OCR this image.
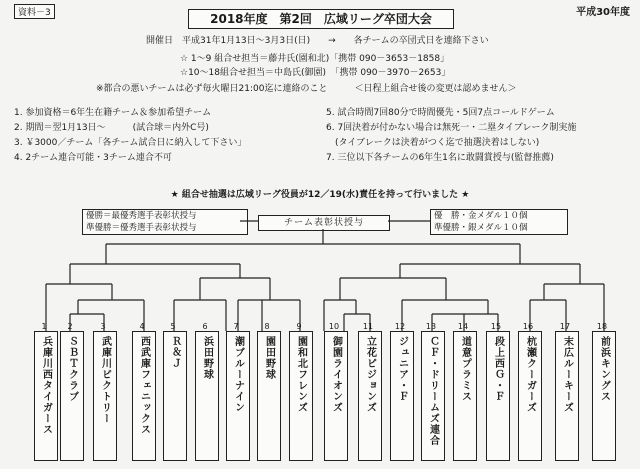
資料－3	平成30年度
2018年度　第2回　広域リーグ卒団大会
開催日　平成31年1月13日～3月3日(日)　　→　　各チームの卒団式日を連絡下さい
☆ 1～9 組合せ担当＝藤井氏(園和北)「携帯 090－3653－1858」
☆10～18組合せ担当＝中島氏(御園)　「携帯 090－3970－2653」
※都合の悪いチームは必ず毎火曜日21:00迄に連絡のこと　　　＜日程上組合せ後の変更は認めません＞
1. 参加資格＝6年生在籍チーム＆参加希望チーム
2. 期間＝翌1月13日～　　　(試合球＝内外C号)
3. ￥3000／チーム「各チーム試合日に納入して下さい」
4. 2チーム連合可能・3チーム連合不可
5. 試合時間7回80分で時間優先・5回7点コールドゲーム
6. 7回決着が付かない場合は無死一・二塁タイブレーク制実施
　(タイブレークは決着がつく迄で抽選決着はしない)
7. 三位以下各チームの6年生1名に敢闘賞授与(監督推薦)
★ 組合せ抽選は広域リーグ役員が12／19(水)責任を持って行いました ★
優勝＝最優秀選手表彰状授与
準優勝＝優秀選手表彰状授与	チーム表彰状授与
優　勝・金メダル１０個
準優勝・銀メダル１０個
1
兵庫川西タイガース
2
ＳＢＴクラブ
3
武庫川ビクトリー
4
西武庫フェニックス
5
Ｒ＆Ｊ
6
浜田野球
7
潮ブルーナイン
8
園田野球
9
園和北フレンズ
10
御園ライオンズ
11
立花ピジョンズ
12
ジュニア・Ｆ
13
ＣＦ・ドリームズ連合
14
道意プラミス
15
段上西Ｇ・Ｆ
16
杭瀬クーガーズ
17
末広ルーキーズ
18
前浜キングス
